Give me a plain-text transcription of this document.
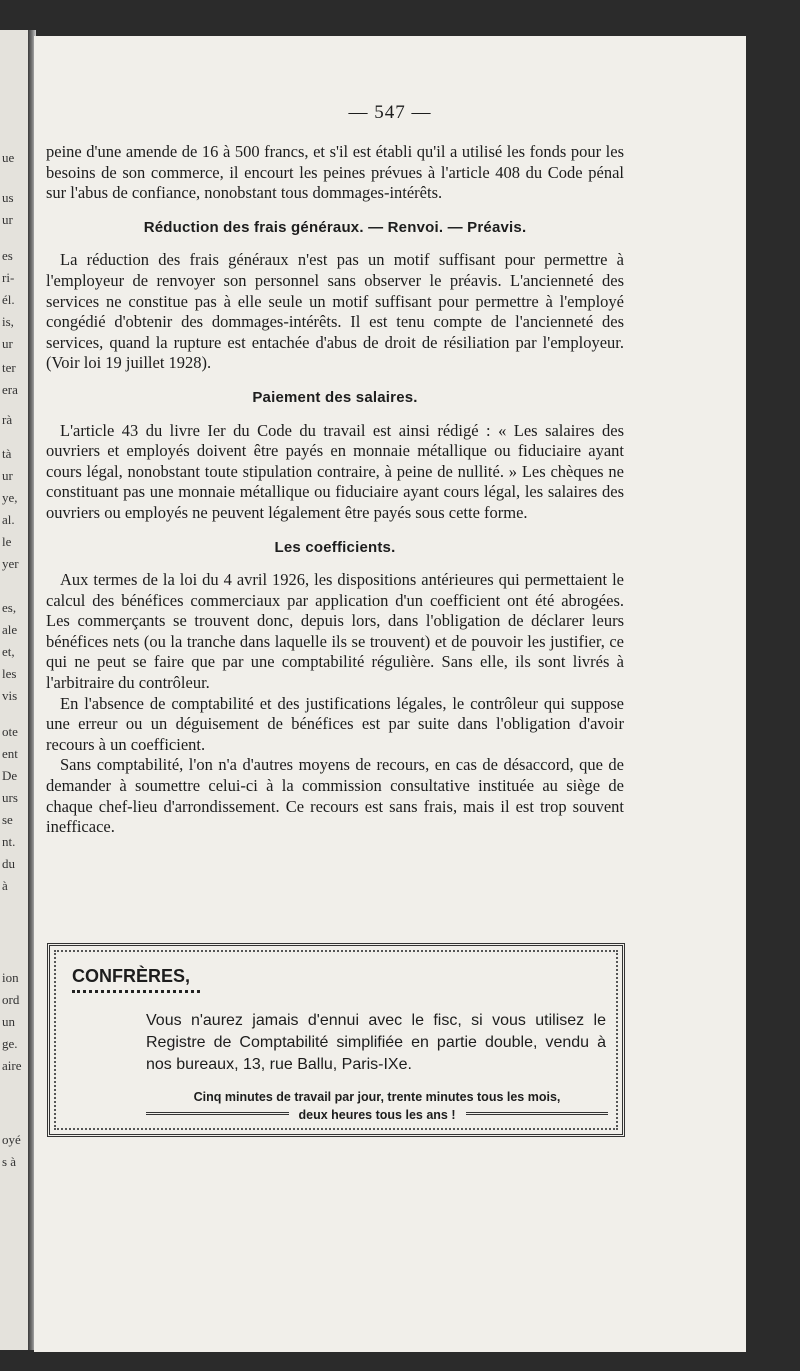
ue
us
ur
es
ri-
él.
is,
ur
ter
era
rà
tà
ur
ye,
al.
le
yer
es,
ale
et,
les
vis
ote
ent
De
urs
se
nt.
du
à
ion
ord
un
ge.
aire
oyé
s à
— 547 —

peine d'une amende de 16 à 500 francs, et s'il est établi qu'il a utilisé les fonds pour les besoins de son commerce, il encourt les peines prévues à l'article 408 du Code pénal sur l'abus de confiance, nonobstant tous dommages-intérêts.

Réduction des frais généraux. — Renvoi. — Préavis.

La réduction des frais généraux n'est pas un motif suffisant pour permettre à l'employeur de renvoyer son personnel sans observer le préavis. L'ancienneté des services ne constitue pas à elle seule un motif suffisant pour permettre à l'employé congédié d'obtenir des dommages-intérêts. Il est tenu compte de l'ancienneté des services, quand la rupture est entachée d'abus de droit de résiliation par l'employeur. (Voir loi 19 juillet 1928).

Paiement des salaires.

L'article 43 du livre Ier du Code du travail est ainsi rédigé : « Les salaires des ouvriers et employés doivent être payés en monnaie métallique ou fiduciaire ayant cours légal, nonobstant toute stipulation contraire, à peine de nullité. » Les chèques ne constituant pas une monnaie métallique ou fiduciaire ayant cours légal, les salaires des ouvriers ou employés ne peuvent légalement être payés sous cette forme.

Les coefficients.

Aux termes de la loi du 4 avril 1926, les dispositions antérieures qui permettaient le calcul des bénéfices commerciaux par application d'un coefficient ont été abrogées. Les commerçants se trouvent donc, depuis lors, dans l'obligation de déclarer leurs bénéfices nets (ou la tranche dans laquelle ils se trouvent) et de pouvoir les justifier, ce qui ne peut se faire que par une comptabilité régulière. Sans elle, ils sont livrés à l'arbitraire du contrôleur.

En l'absence de comptabilité et des justifications légales, le contrôleur qui suppose une erreur ou un déguisement de bénéfices est par suite dans l'obligation d'avoir recours à un coefficient.

Sans comptabilité, l'on n'a d'autres moyens de recours, en cas de désaccord, que de demander à soumettre celui-ci à la commission consultative instituée au siège de chaque chef-lieu d'arrondissement. Ce recours est sans frais, mais il est trop souvent inefficace.

CONFRÈRES,
Vous n'aurez jamais d'ennui avec le fisc, si vous utilisez le Registre de Comptabilité simplifiée en partie double, vendu à nos bureaux, 13, rue Ballu, Paris-IXe.
Cinq minutes de travail par jour, trente minutes tous les mois,
deux heures tous les ans !
